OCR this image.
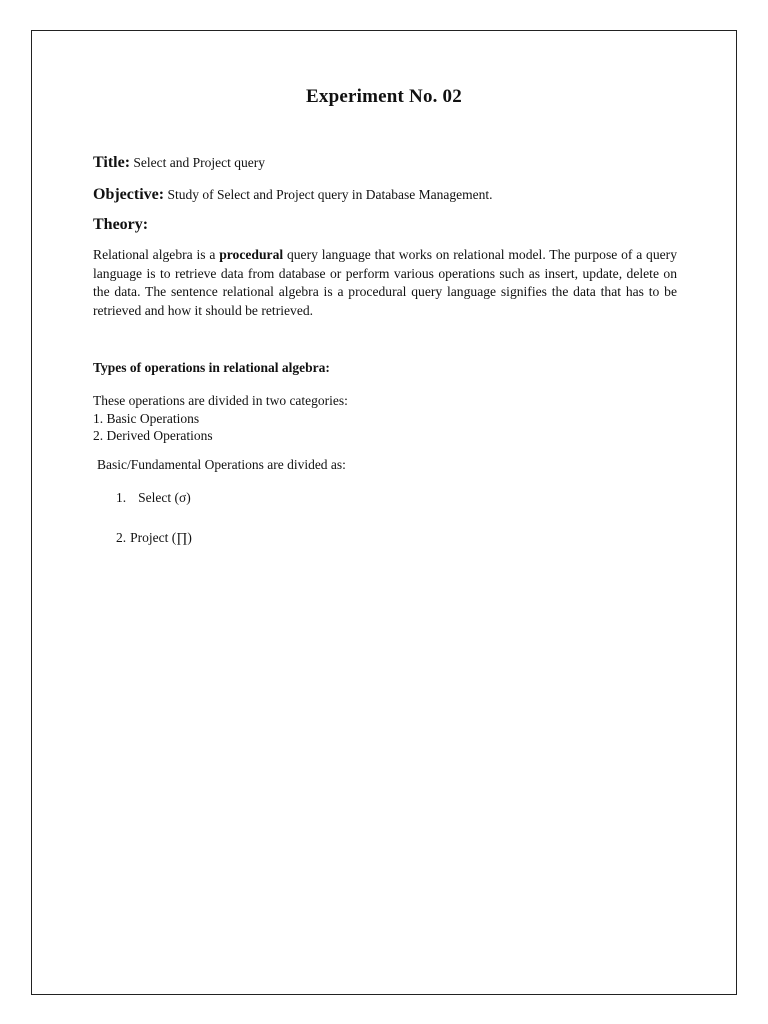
Experiment No. 02
Title: Select and Project query
Objective: Study of Select and Project query in Database Management.
Theory:
Relational algebra is a procedural query language that works on relational model. The purpose of a query language is to retrieve data from database or perform various operations such as insert, update, delete on the data. The sentence relational algebra is a procedural query language signifies the data that has to be retrieved and how it should be retrieved.
Types of operations in relational algebra:
These operations are divided in two categories:
1. Basic Operations
2. Derived Operations
Basic/Fundamental Operations are divided as:
1. Select (σ)
2. Project (∏)
